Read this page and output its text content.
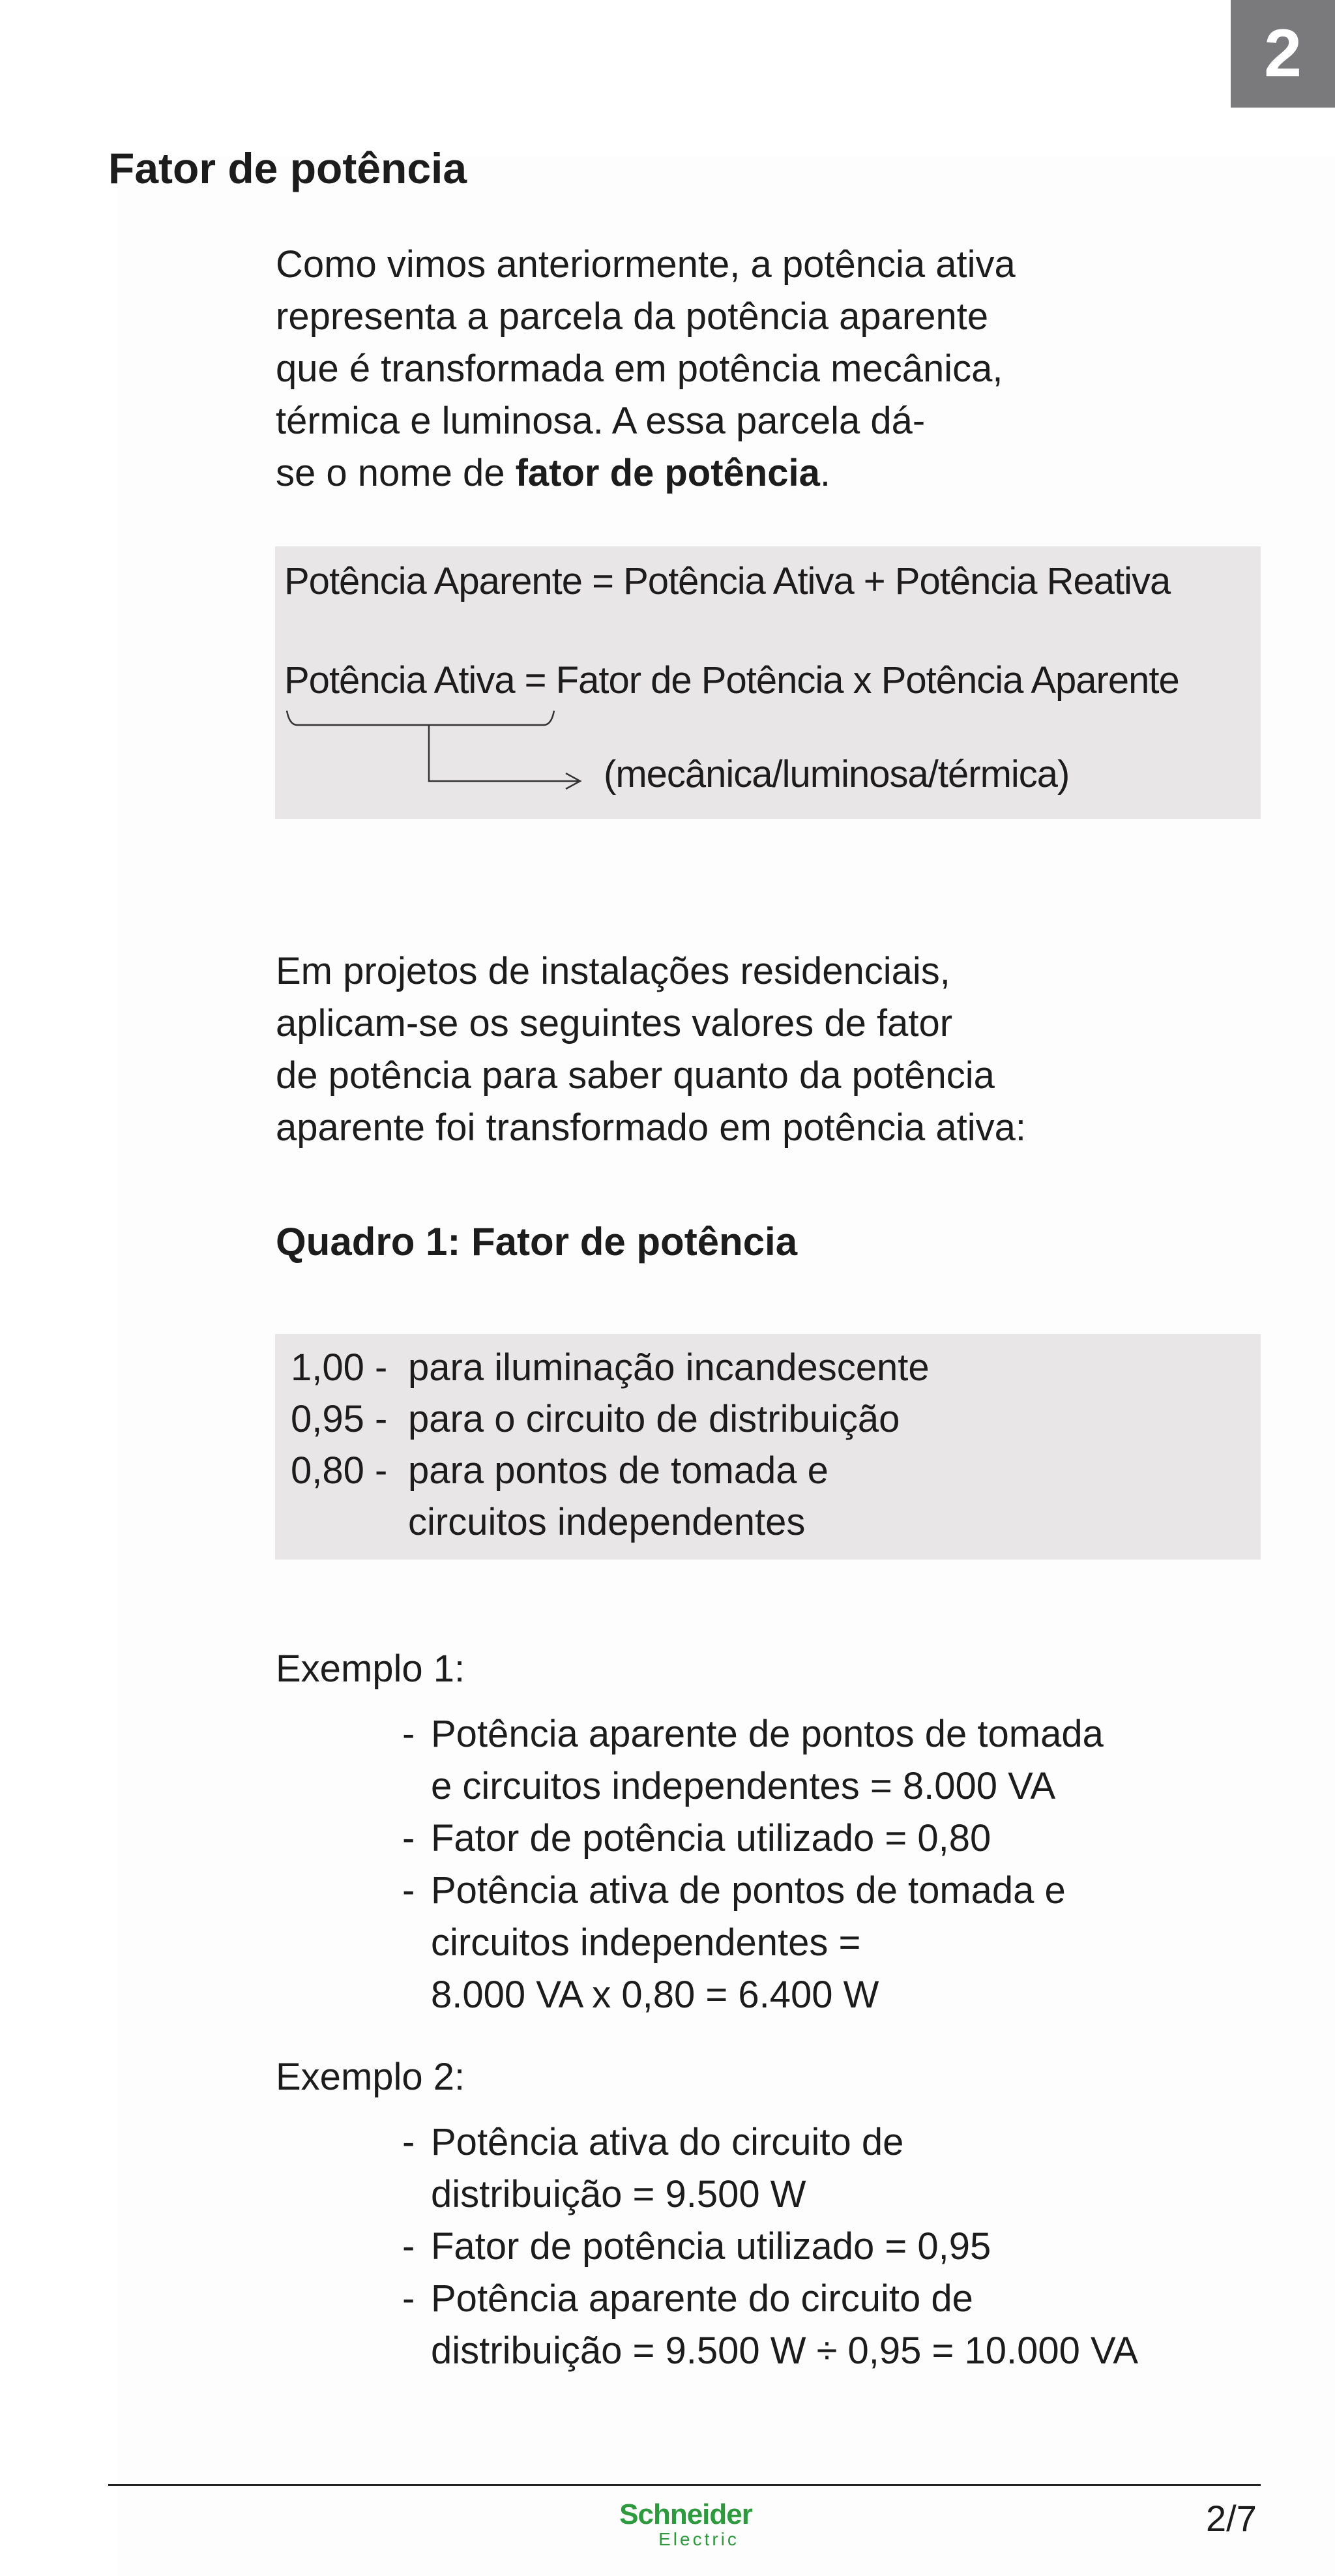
2
Fator de potência
Como vimos anteriormente, a potência ativa
representa a parcela da potência aparente
que é transformada em potência mecânica,
térmica e luminosa. A essa parcela dá-
se o nome de fator de potência.
Potência Aparente = Potência Ativa + Potência Reativa
Potência Ativa = Fator de Potência x Potência Aparente
(mecânica/luminosa/térmica)
Em projetos de instalações residenciais,
aplicam-se os seguintes valores de fator
de potência para saber quanto da potência
aparente foi transformado em potência ativa:
Quadro 1: Fator de potência
1,00 - para iluminação incandescente
0,95 - para o circuito de distribuição
0,80 - para pontos de tomada e
circuitos independentes
Exemplo 1:
- Potência aparente de pontos de tomada
e circuitos independentes = 8.000 VA
- Fator de potência utilizado = 0,80
- Potência ativa de pontos de tomada e
circuitos independentes =
8.000 VA x 0,80 = 6.400 W
Exemplo 2:
- Potência ativa do circuito de
distribuição = 9.500 W
- Fator de potência utilizado = 0,95
- Potência aparente do circuito de
distribuição = 9.500 W ÷ 0,95 = 10.000 VA
Schneider
Electric
2/7
